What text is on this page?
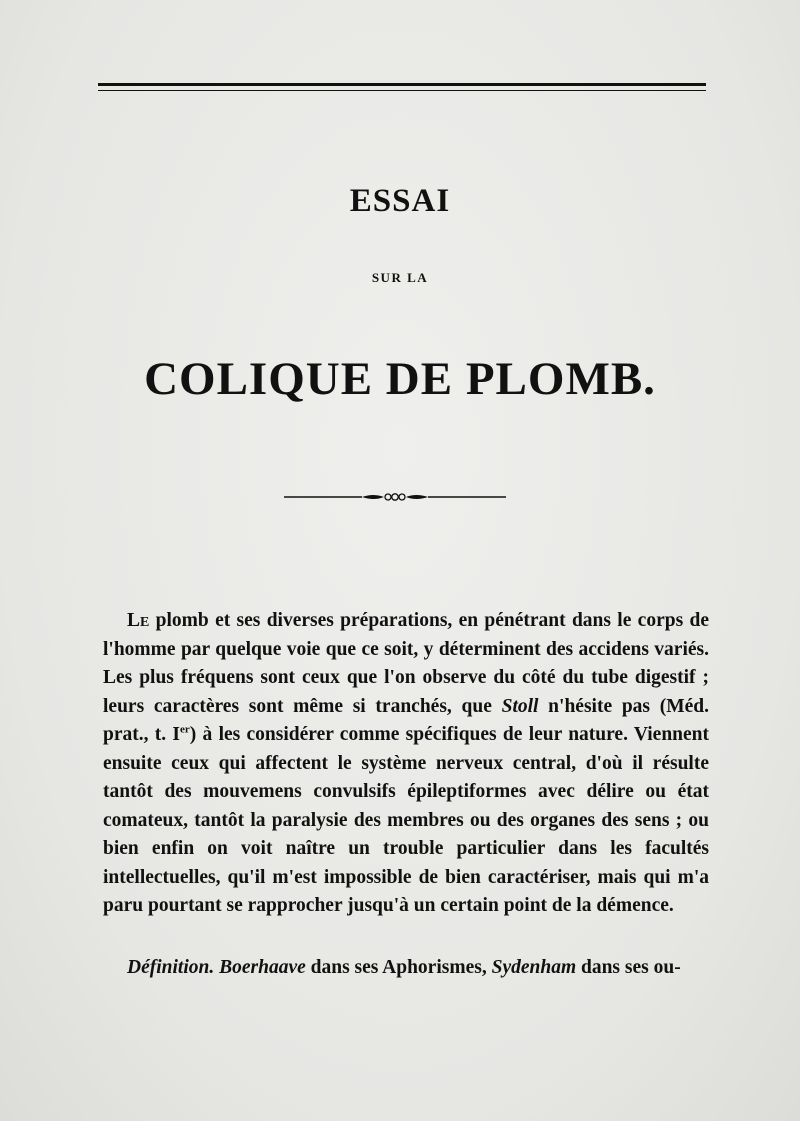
ESSAI
SUR LA
COLIQUE DE PLOMB.
Le plomb et ses diverses préparations, en pénétrant dans le corps de l'homme par quelque voie que ce soit, y déterminent des accidens variés. Les plus fréquens sont ceux que l'on observe du côté du tube digestif ; leurs caractères sont même si tranchés, que Stoll n'hésite pas (Méd. prat., t. Ier) à les considérer comme spécifiques de leur nature. Viennent ensuite ceux qui affectent le système nerveux central, d'où il résulte tantôt des mouvemens convulsifs épileptiformes avec délire ou état comateux, tantôt la paralysie des membres ou des organes des sens ; ou bien enfin on voit naître un trouble particulier dans les facultés intellectuelles, qu'il m'est impossible de bien caractériser, mais qui m'a paru pourtant se rapprocher jusqu'à un certain point de la démence.
Définition. Boerhaave dans ses Aphorismes, Sydenham dans ses ou-
